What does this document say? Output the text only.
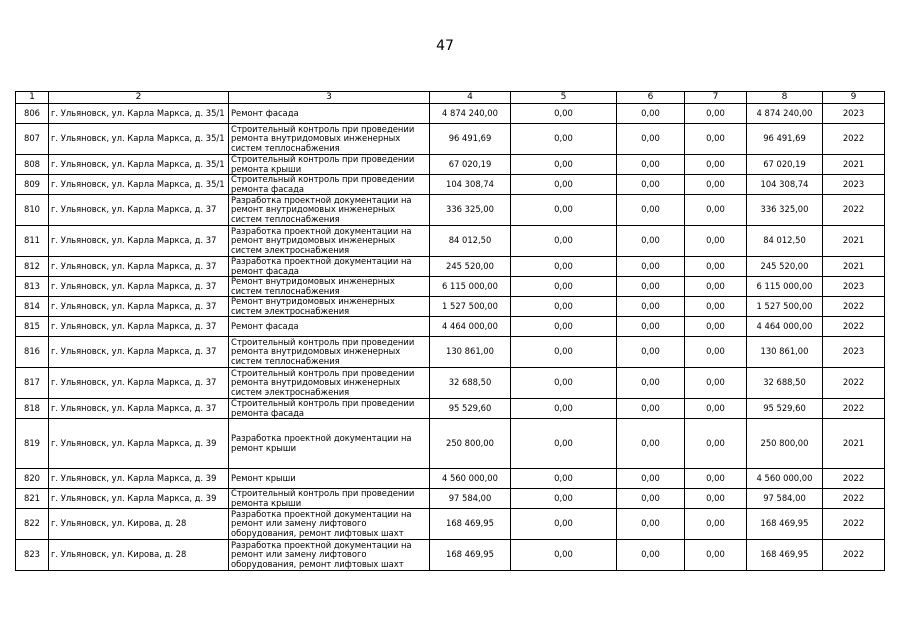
47
1	2	3	4	5	6	7	8	9
806	г. Ульяновск, ул. Карла Маркса, д. 35/1	Ремонт фасада	4 874 240,00	0,00	0,00	0,00	4 874 240,00	2023
807	г. Ульяновск, ул. Карла Маркса, д. 35/1	Строительный контроль при проведении ремонта внутридомовых инженерных систем теплоснабжения	96 491,69	0,00	0,00	0,00	96 491,69	2022
808	г. Ульяновск, ул. Карла Маркса, д. 35/1	Строительный контроль при проведении ремонта крыши	67 020,19	0,00	0,00	0,00	67 020,19	2021
809	г. Ульяновск, ул. Карла Маркса, д. 35/1	Строительный контроль при проведении ремонта фасада	104 308,74	0,00	0,00	0,00	104 308,74	2023
810	г. Ульяновск, ул. Карла Маркса, д. 37	Разработка проектной документации на ремонт внутридомовых инженерных систем теплоснабжения	336 325,00	0,00	0,00	0,00	336 325,00	2022
811	г. Ульяновск, ул. Карла Маркса, д. 37	Разработка проектной документации на ремонт внутридомовых инженерных систем электроснабжения	84 012,50	0,00	0,00	0,00	84 012,50	2021
812	г. Ульяновск, ул. Карла Маркса, д. 37	Разработка проектной документации на ремонт фасада	245 520,00	0,00	0,00	0,00	245 520,00	2021
813	г. Ульяновск, ул. Карла Маркса, д. 37	Ремонт внутридомовых инженерных систем теплоснабжения	6 115 000,00	0,00	0,00	0,00	6 115 000,00	2023
814	г. Ульяновск, ул. Карла Маркса, д. 37	Ремонт внутридомовых инженерных систем электроснабжения	1 527 500,00	0,00	0,00	0,00	1 527 500,00	2022
815	г. Ульяновск, ул. Карла Маркса, д. 37	Ремонт фасада	4 464 000,00	0,00	0,00	0,00	4 464 000,00	2022
816	г. Ульяновск, ул. Карла Маркса, д. 37	Строительный контроль при проведении ремонта внутридомовых инженерных систем теплоснабжения	130 861,00	0,00	0,00	0,00	130 861,00	2023
817	г. Ульяновск, ул. Карла Маркса, д. 37	Строительный контроль при проведении ремонта внутридомовых инженерных систем электроснабжения	32 688,50	0,00	0,00	0,00	32 688,50	2022
818	г. Ульяновск, ул. Карла Маркса, д. 37	Строительный контроль при проведении ремонта фасада	95 529,60	0,00	0,00	0,00	95 529,60	2022
819	г. Ульяновск, ул. Карла Маркса, д. 39	Разработка проектной документации на ремонт крыши	250 800,00	0,00	0,00	0,00	250 800,00	2021
820	г. Ульяновск, ул. Карла Маркса, д. 39	Ремонт крыши	4 560 000,00	0,00	0,00	0,00	4 560 000,00	2022
821	г. Ульяновск, ул. Карла Маркса, д. 39	Строительный контроль при проведении ремонта крыши	97 584,00	0,00	0,00	0,00	97 584,00	2022
822	г. Ульяновск, ул. Кирова, д. 28	Разработка проектной документации на ремонт или замену лифтового оборудования, ремонт лифтовых шахт	168 469,95	0,00	0,00	0,00	168 469,95	2022
823	г. Ульяновск, ул. Кирова, д. 28	Разработка проектной документации на ремонт или замену лифтового оборудования, ремонт лифтовых шахт	168 469,95	0,00	0,00	0,00	168 469,95	2022
